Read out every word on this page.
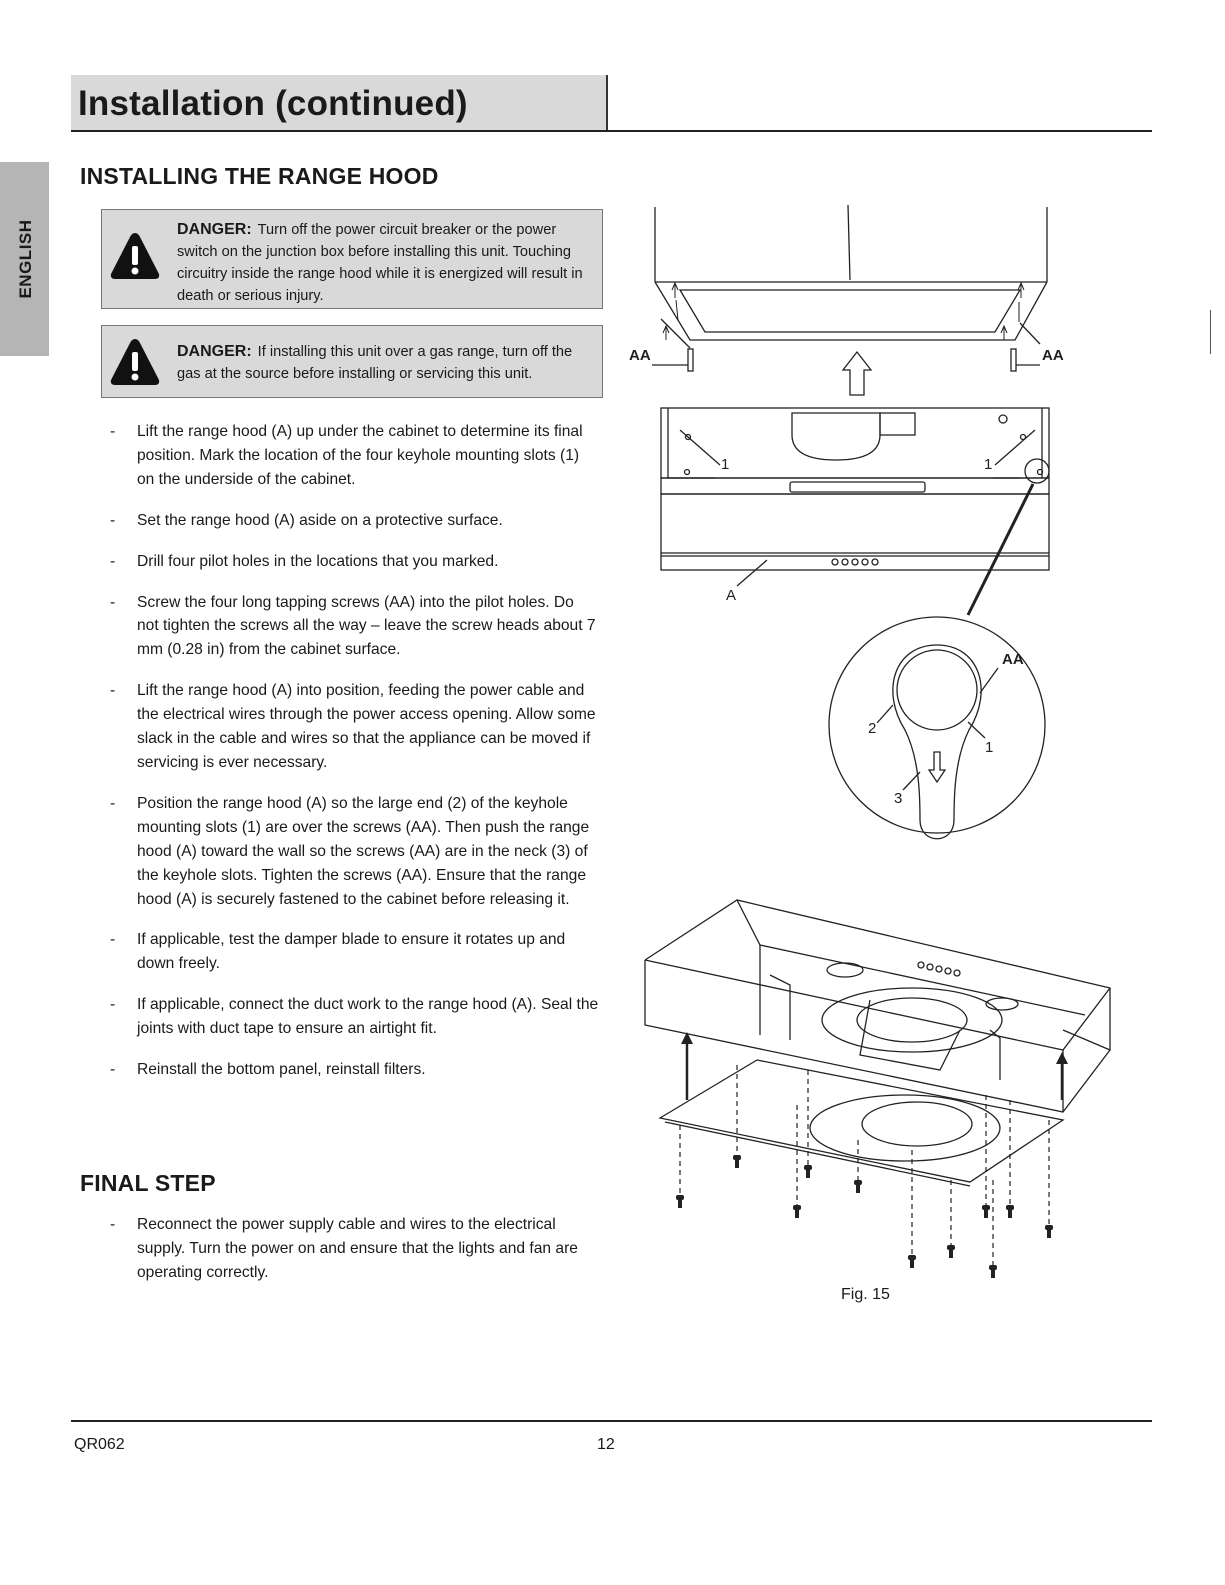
Installation (continued)
ENGLISH
INSTALLING THE RANGE HOOD
DANGER: Turn off the power circuit breaker or the power switch on the junction box before installing this unit. Touching circuitry inside the range hood while it is energized will result in death or serious injury.
DANGER: If installing this unit over a gas range, turn off the gas at the source before installing or servicing this unit.
- Lift the range hood (A) up under the cabinet to determine its final position. Mark the location of the four keyhole mounting slots (1) on the underside of the cabinet.
- Set the range hood (A) aside on a protective surface.
- Drill four pilot holes in the locations that you marked.
- Screw the four long tapping screws (AA) into the pilot holes. Do not tighten the screws all the way – leave the screw heads about 7 mm (0.28 in) from the cabinet surface.
- Lift the range hood (A) into position, feeding the power cable and the electrical wires through the power access opening. Allow some slack in the cable and wires so that the appliance can be moved if servicing is ever necessary.
- Position the range hood (A) so the large end (2) of the keyhole mounting slots (1) are over the screws (AA). Then push the range hood (A) toward the wall so the screws (AA) are in the neck (3) of the keyhole slots. Tighten the screws (AA). Ensure that the range hood (A) is securely fastened to the cabinet before releasing it.
- If applicable, test the damper blade to ensure it rotates up and down freely.
- If applicable, connect the duct work to the range hood (A). Seal the joints with duct tape to ensure an airtight fit.
- Reinstall the bottom panel, reinstall filters.
FINAL STEP
- Reconnect the power supply cable and wires to the electrical supply. Turn the power on and ensure that the lights and fan are operating correctly.
AA	AA
AA
1	1
A
2
1
3
Fig. 15
QR062	12
